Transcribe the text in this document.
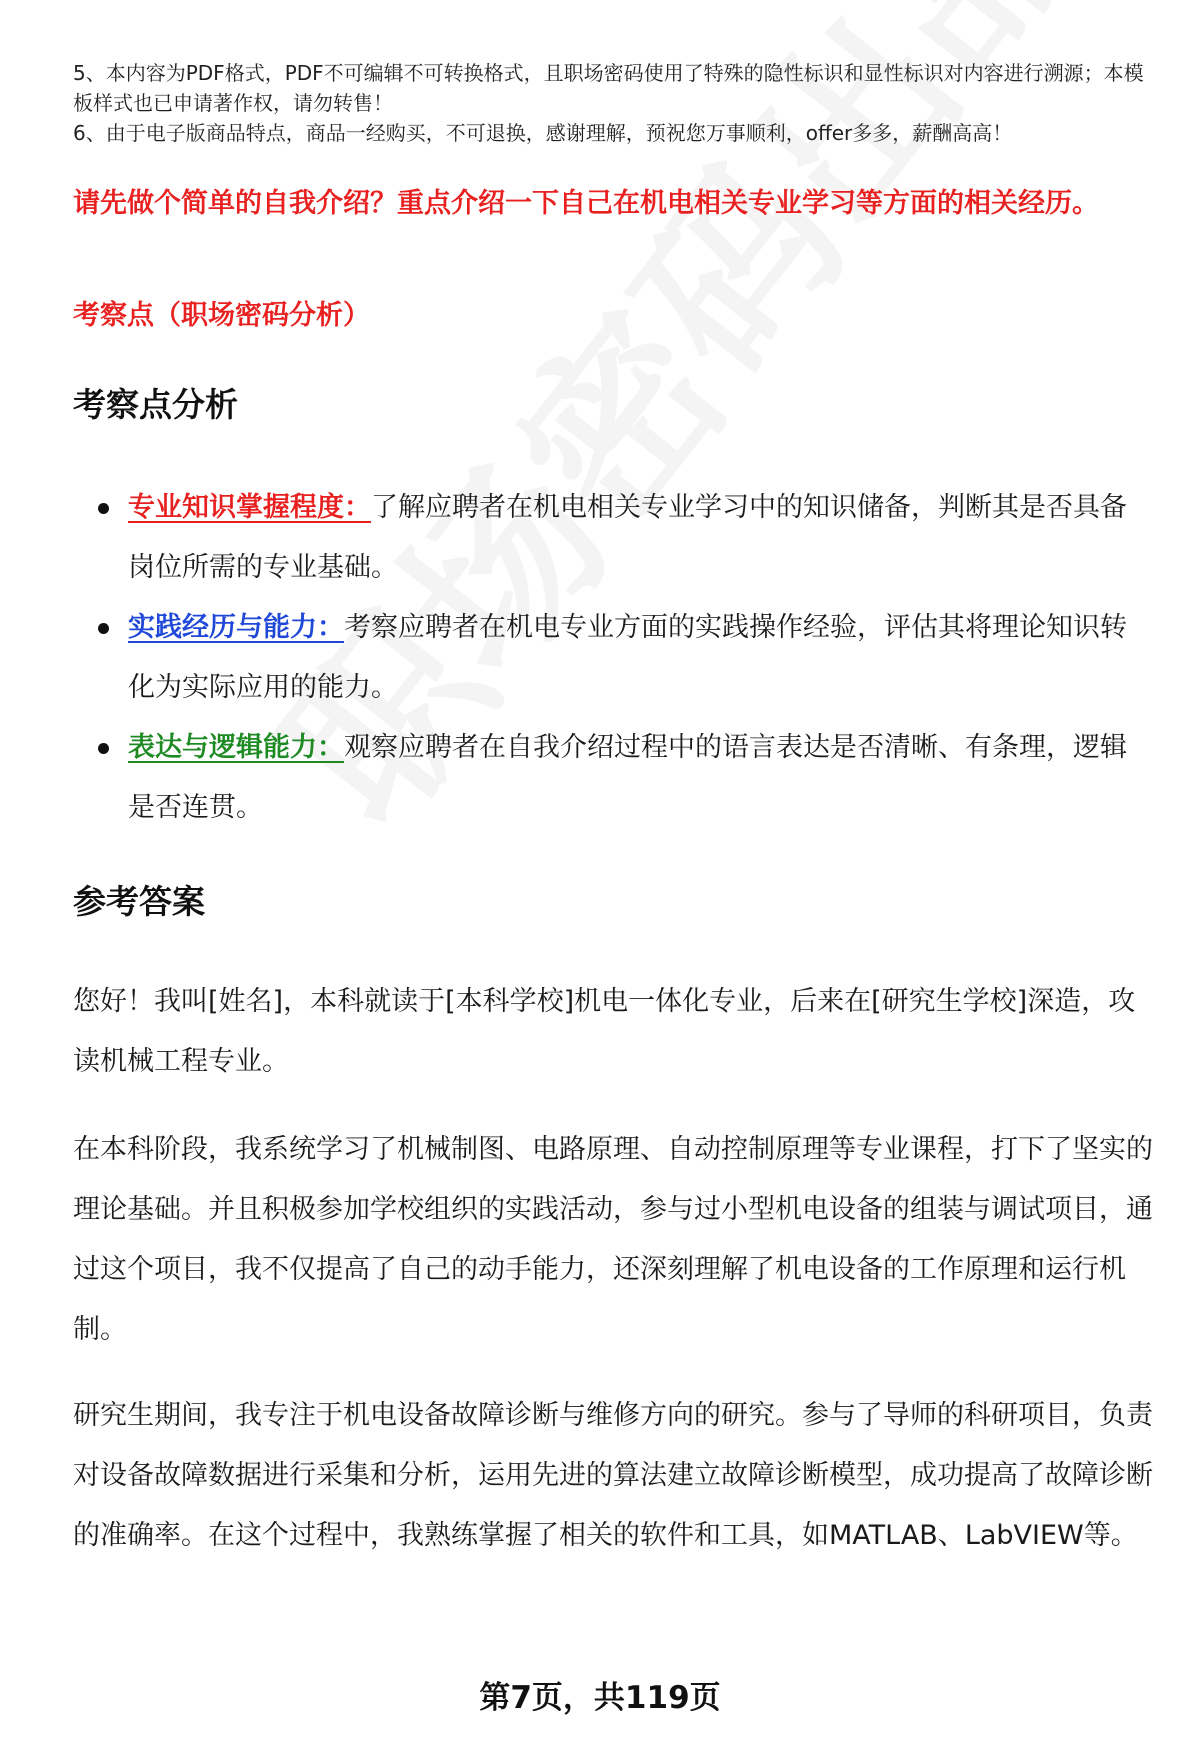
5、本内容为PDF格式，PDF不可编辑不可转换格式，且职场密码使用了特殊的隐性标识和显性标识对内容进行溯源；本模板样式也已申请著作权，请勿转售！
6、由于电子版商品特点，商品一经购买，不可退换，感谢理解，预祝您万事顺利，offer多多，薪酬高高！
请先做个简单的自我介绍？重点介绍一下自己在机电相关专业学习等方面的相关经历。
考察点（职场密码分析）
考察点分析
专业知识掌握程度：了解应聘者在机电相关专业学习中的知识储备，判断其是否具备岗位所需的专业基础。
实践经历与能力：考察应聘者在机电专业方面的实践操作经验，评估其将理论知识转化为实际应用的能力。
表达与逻辑能力：观察应聘者在自我介绍过程中的语言表达是否清晰、有条理，逻辑是否连贯。
参考答案
您好！我叫[姓名]，本科就读于[本科学校]机电一体化专业，后来在[研究生学校]深造，攻读机械工程专业。
在本科阶段，我系统学习了机械制图、电路原理、自动控制原理等专业课程，打下了坚实的理论基础。并且积极参加学校组织的实践活动，参与过小型机电设备的组装与调试项目，通过这个项目，我不仅提高了自己的动手能力，还深刻理解了机电设备的工作原理和运行机制。
研究生期间，我专注于机电设备故障诊断与维修方向的研究。参与了导师的科研项目，负责对设备故障数据进行采集和分析，运用先进的算法建立故障诊断模型，成功提高了故障诊断的准确率。在这个过程中，我熟练掌握了相关的软件和工具，如MATLAB、LabVIEW等。
第7页，共119页
